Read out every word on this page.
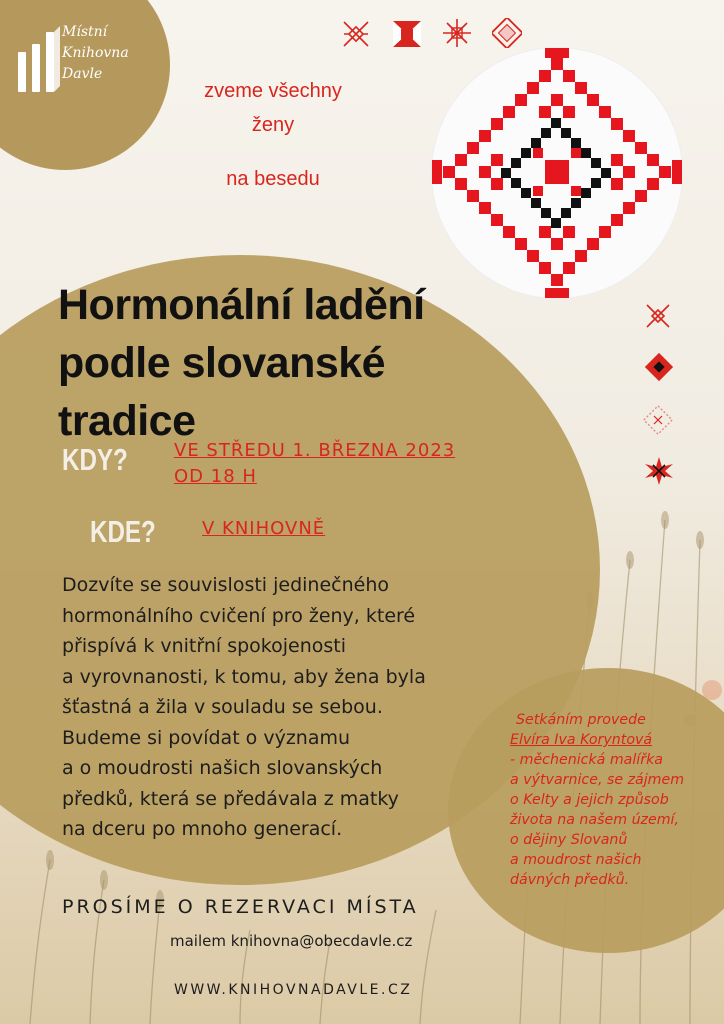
Místní
Knihovna
Davle
zveme všechny
ženy
na besedu
Hormonální ladění
podle slovanské
tradice
KDY?	VE STŘEDU 1. BŘEZNA 2023
OD 18 H
KDE?	V KNIHOVNĚ
Dozvíte se souvislosti jedinečného
hormonálního cvičení pro ženy, které
přispívá k vnitřní spokojenosti
a vyrovnanosti, k tomu, aby žena byla
šťastná a žila v souladu se sebou.
Budeme si povídat o významu
a o moudrosti našich slovanských
předků, která se předávala z matky
na dceru po mnoho generací.
Setkáním provede
Elvíra Iva Koryntová
- měchenická malířka
a výtvarnice, se zájmem
o Kelty a jejich způsob
života na našem území,
o dějiny Slovanů
a moudrost našich
dávných předků.
PROSÍME O REZERVACI MÍSTA
mailem knihovna@obecdavle.cz
WWW.KNIHOVNADAVLE.CZ
